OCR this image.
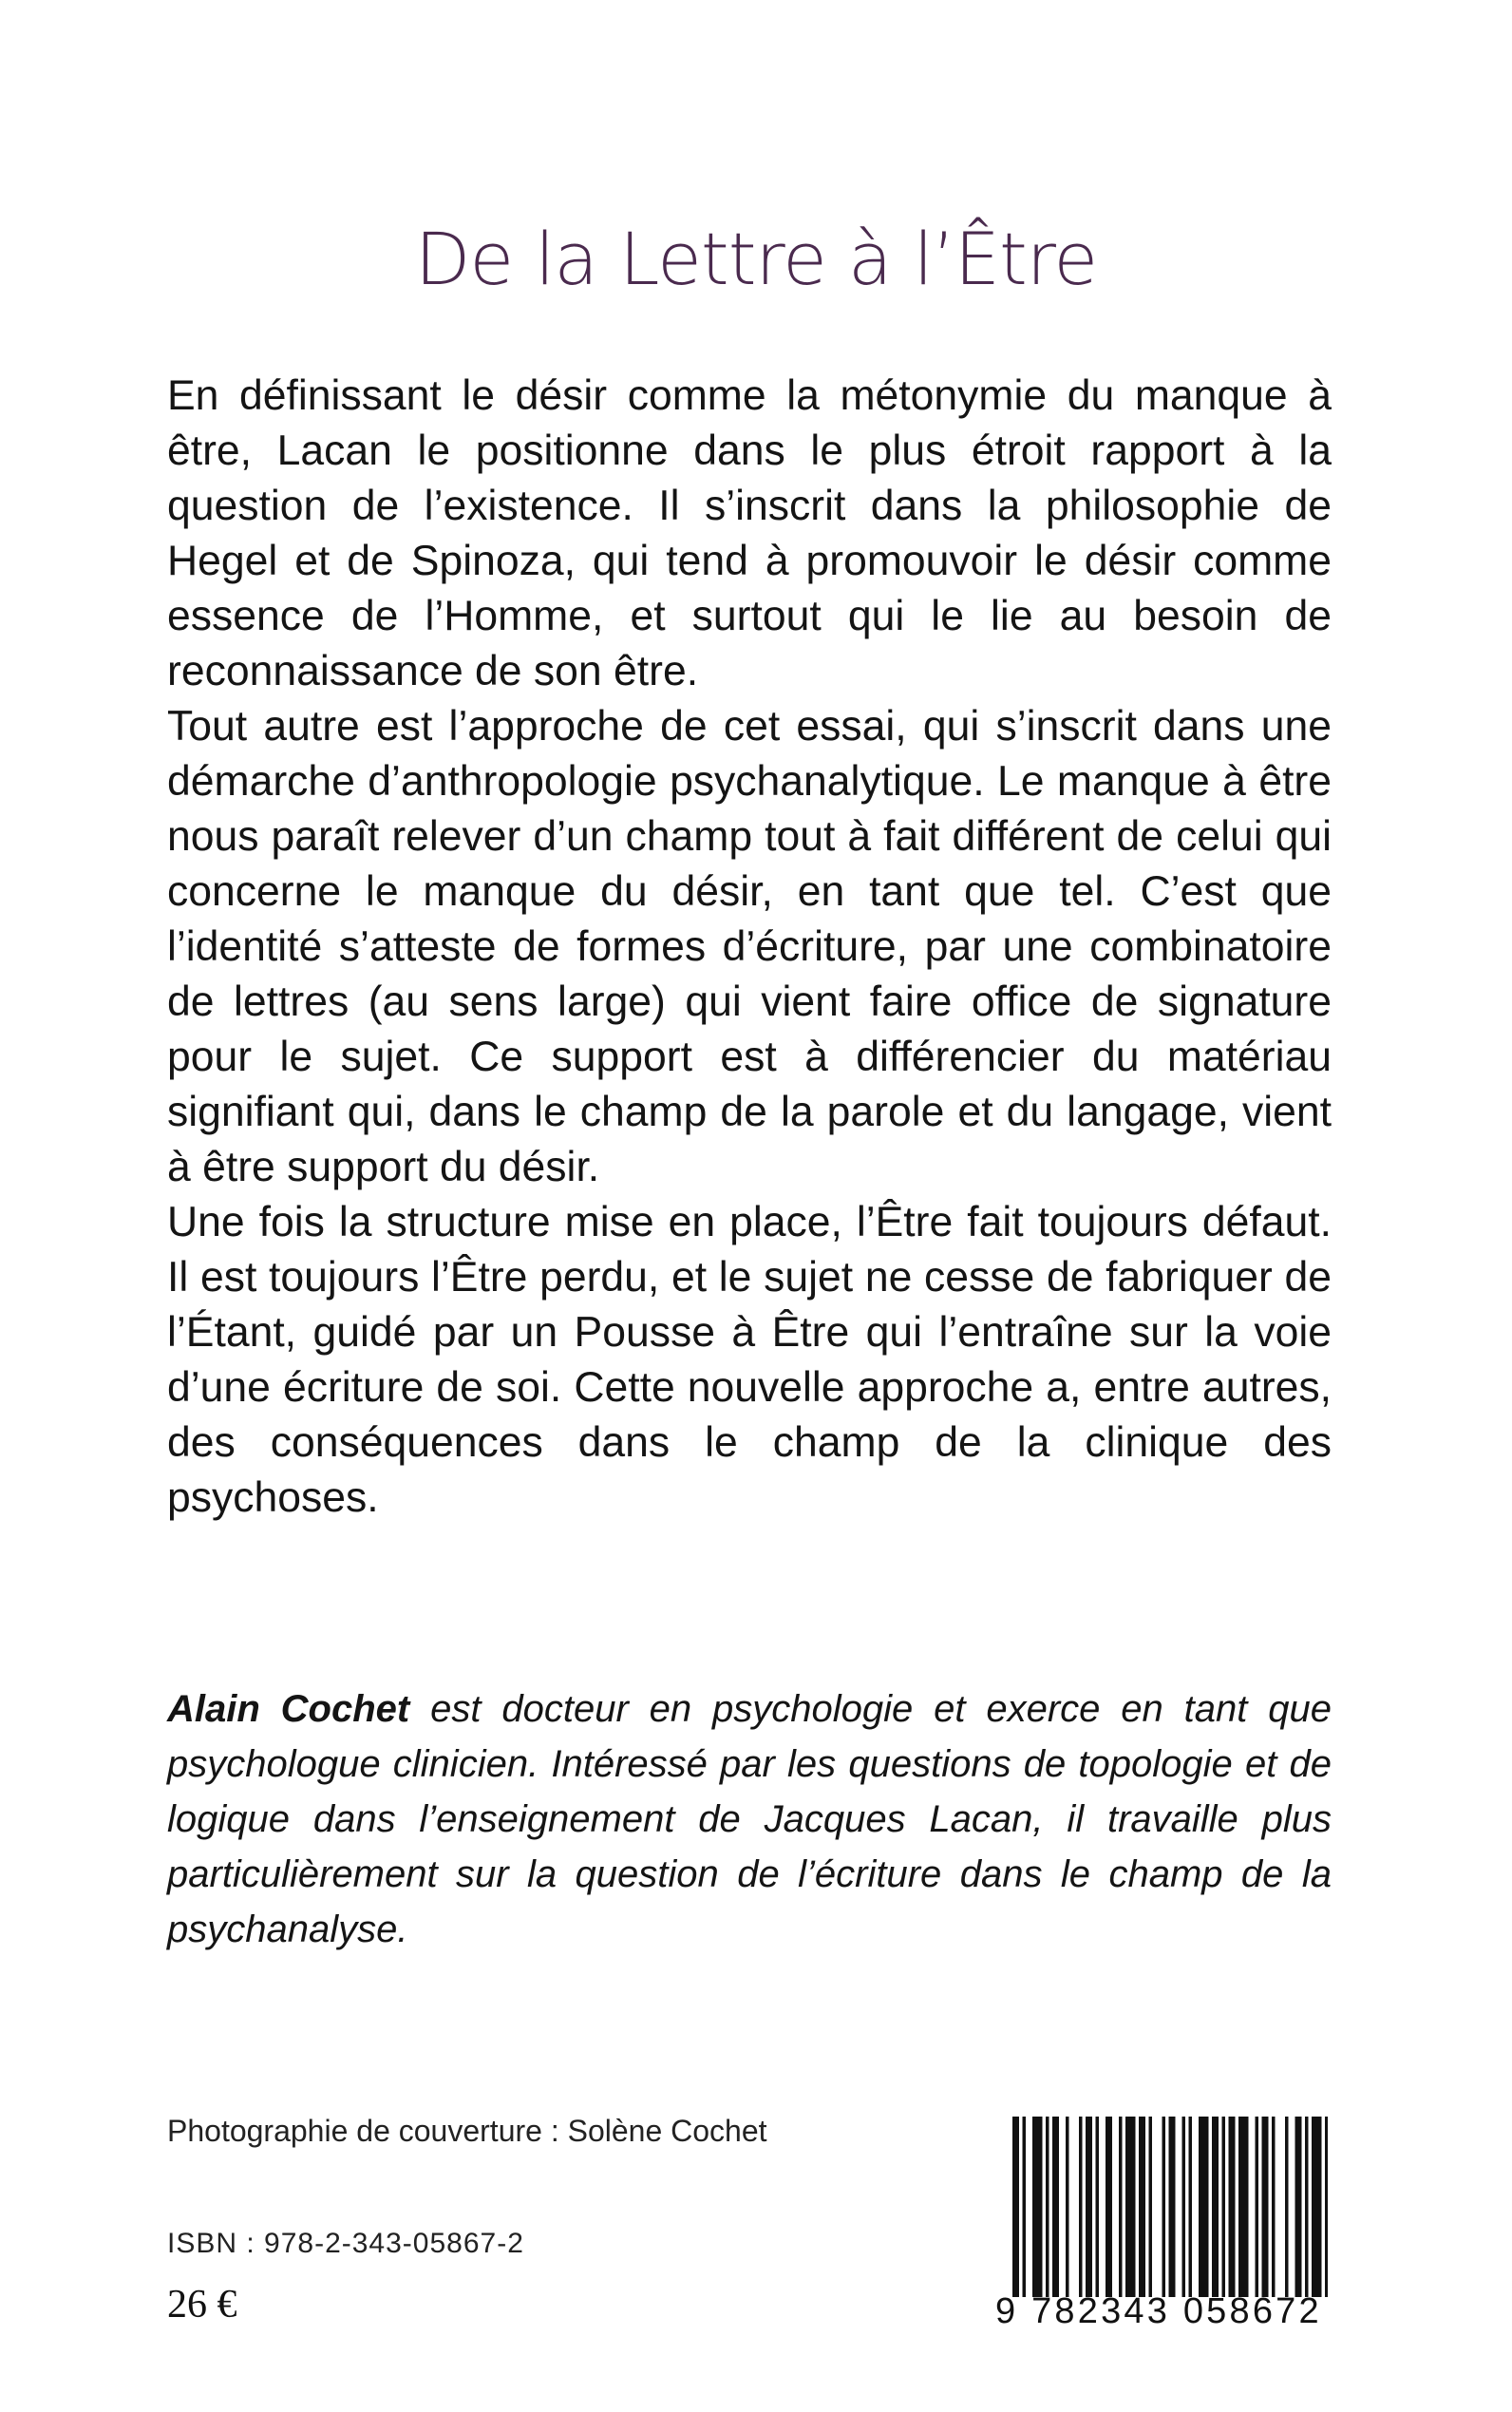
De la Lettre à l’Être

En définissant le désir comme la métonymie du manque à être, Lacan le positionne dans le plus étroit rapport à la question de l’existence. Il s’inscrit dans la philosophie de Hegel et de Spinoza, qui tend à promouvoir le désir comme essence de l’Homme, et surtout qui le lie au besoin de reconnaissance de son être.

Tout autre est l’approche de cet essai, qui s’inscrit dans une démarche d’anthropologie psychanalytique. Le manque à être nous paraît relever d’un champ tout à fait différent de celui qui concerne le manque du désir, en tant que tel. C’est que l’identité s’atteste de formes d’écriture, par une combinatoire de lettres (au sens large) qui vient faire office de signature pour le sujet. Ce support est à différencier du matériau signifiant qui, dans le champ de la parole et du langage, vient à être support du désir.

Une fois la structure mise en place, l’Être fait toujours défaut. Il est toujours l’Être perdu, et le sujet ne cesse de fabriquer de l’Étant, guidé par un Pousse à Être qui l’entraîne sur la voie d’une écriture de soi. Cette nouvelle approche a, entre autres, des conséquences dans le champ de la clinique des psychoses.

Alain Cochet est docteur en psychologie et exerce en tant que psychologue clinicien. Intéressé par les questions de topologie et de logique dans l’enseignement de Jacques Lacan, il travaille plus particulièrement sur la question de l’écriture dans le champ de la psychanalyse.

Photographie de couverture : Solène Cochet

ISBN : 978-2-343-05867-2

26 €	9 782343 058672
